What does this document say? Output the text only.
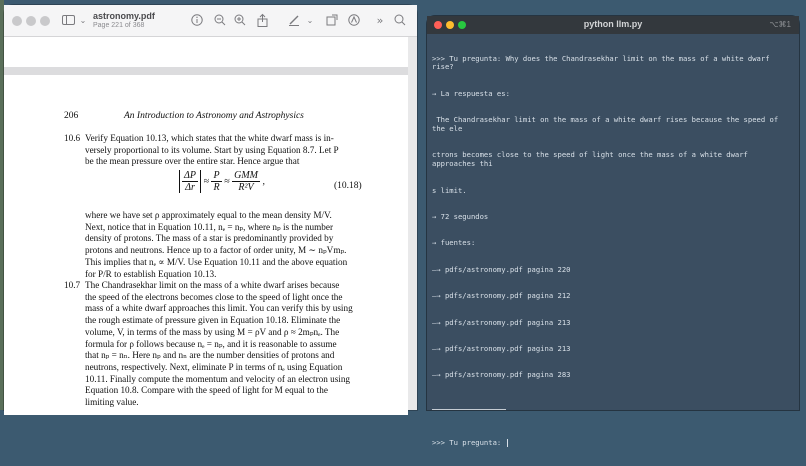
⌄ astronomy.pdf
Page 221 of 368
⌄	»
206	An Introduction to Astronomy and Astrophysics
10.6 Verify Equation 10.13, which states that the white dwarf mass is in-
versely proportional to its volume. Start by using Equation 8.7. Let P
be the mean pressure over the entire star. Hence argue that
$\frac{\Delta P}{\Delta r} \approx \frac{P}{R} \approx \frac{\text{GMM}}{\text{R²V}}$ ,	(10.18)
where we have set ρ approximately equal to the mean density M/V.
Next, notice that in Equation 10.11, nₑ = nₚ, where nₚ is the number
density of protons. The mass of a star is predominantly provided by
protons and neutrons. Hence up to a factor of order unity, M ∼ nₚVmₚ.
This implies that nₑ ∝ M/V. Use Equation 10.11 and the above equation
for P/R to establish Equation 10.13.
10.7 The Chandrasekhar limit on the mass of a white dwarf arises because
the speed of the electrons becomes close to the speed of light once the
mass of a white dwarf approaches this limit. You can verify this by using
the rough estimate of pressure given in Equation 10.18. Eliminate the
volume, V, in terms of the mass by using M = ρV and ρ ≈ 2mₚnₑ. The
formula for ρ follows because nₑ = nₚ, and it is reasonable to assume
that nₚ = nₙ. Here nₚ and nₙ are the number densities of protons and
neutrons, respectively. Next, eliminate P in terms of nₑ using Equation
10.11. Finally compute the momentum and velocity of an electron using
Equation 10.8. Compare with the speed of light for M equal to the
limiting value.
python llm.py	⌥⌘1

>>> Tu pregunta: Why does the Chandrasekhar limit on the mass of a white dwarf rise?

→ La respuesta es:

The Chandrasekhar limit on the mass of a white dwarf rises because the speed of the ele

ctrons becomes close to the speed of light once the mass of a white dwarf approaches thi

s limit.

→ 72 segundos

→ fuentes:

—→ pdfs/astronomy.pdf pagina 220

—→ pdfs/astronomy.pdf pagina 212

—→ pdfs/astronomy.pdf pagina 213

—→ pdfs/astronomy.pdf pagina 213

—→ pdfs/astronomy.pdf pagina 283

>>> Tu pregunta:
